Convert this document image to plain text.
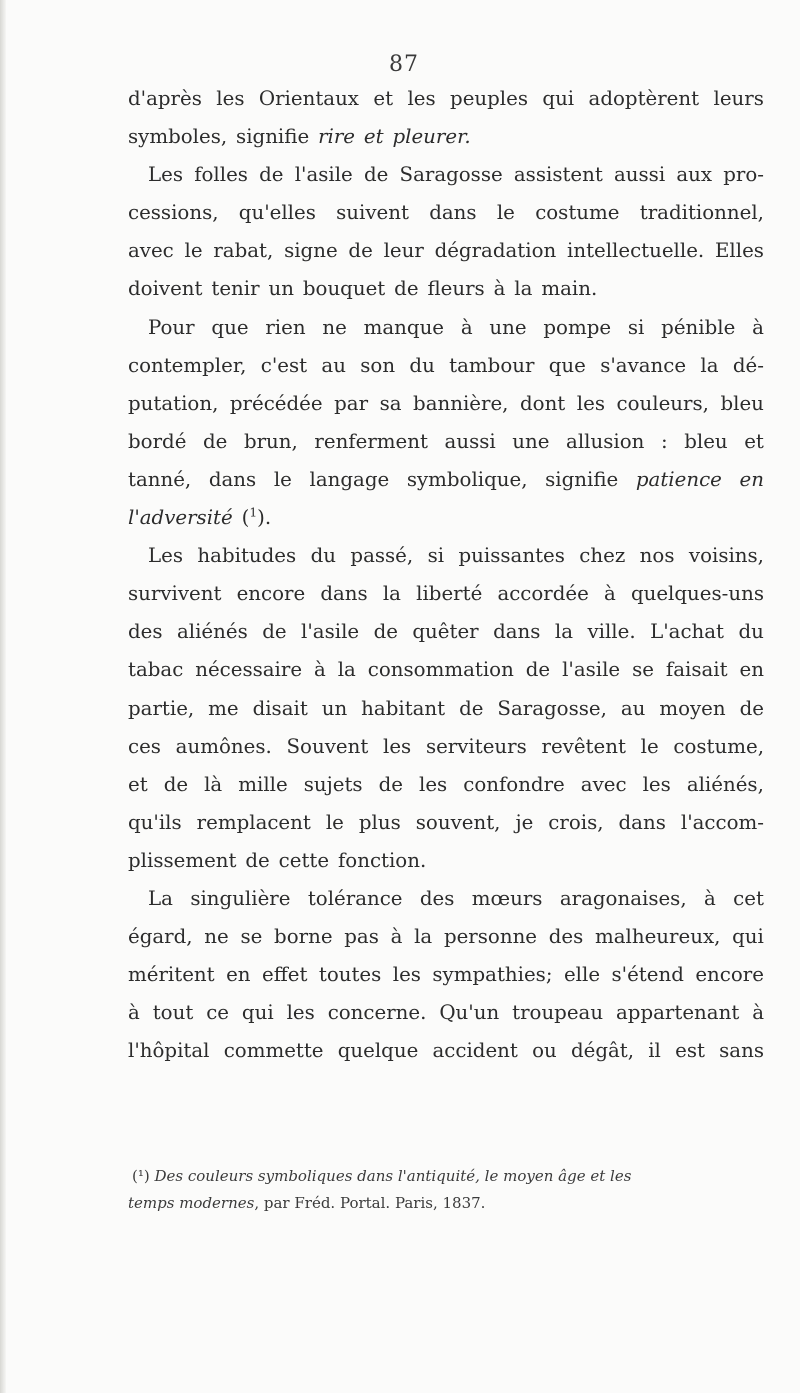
87
d'après les Orientaux et les peuples qui adoptèrent leurs
symboles, signifie rire et pleurer.
Les folles de l'asile de Saragosse assistent aussi aux pro-
cessions, qu'elles suivent dans le costume traditionnel,
avec le rabat, signe de leur dégradation intellectuelle. Elles
doivent tenir un bouquet de fleurs à la main.
Pour que rien ne manque à une pompe si pénible à
contempler, c'est au son du tambour que s'avance la dé-
putation, précédée par sa bannière, dont les couleurs, bleu
bordé de brun, renferment aussi une allusion : bleu et
tanné, dans le langage symbolique, signifie patience en
l'adversité ($^1$).
Les habitudes du passé, si puissantes chez nos voisins,
survivent encore dans la liberté accordée à quelques-uns
des aliénés de l'asile de quêter dans la ville. L'achat du
tabac nécessaire à la consommation de l'asile se faisait en
partie, me disait un habitant de Saragosse, au moyen de
ces aumônes. Souvent les serviteurs revêtent le costume,
et de là mille sujets de les confondre avec les aliénés,
qu'ils remplacent le plus souvent, je crois, dans l'accom-
plissement de cette fonction.
La singulière tolérance des mœurs aragonaises, à cet
égard, ne se borne pas à la personne des malheureux, qui
méritent en effet toutes les sympathies; elle s'étend encore
à tout ce qui les concerne. Qu'un troupeau appartenant à
l'hôpital commette quelque accident ou dégât, il est sans
(¹) Des couleurs symboliques dans l'antiquité, le moyen âge et les
temps modernes, par Fréd. Portal. Paris, 1837.
